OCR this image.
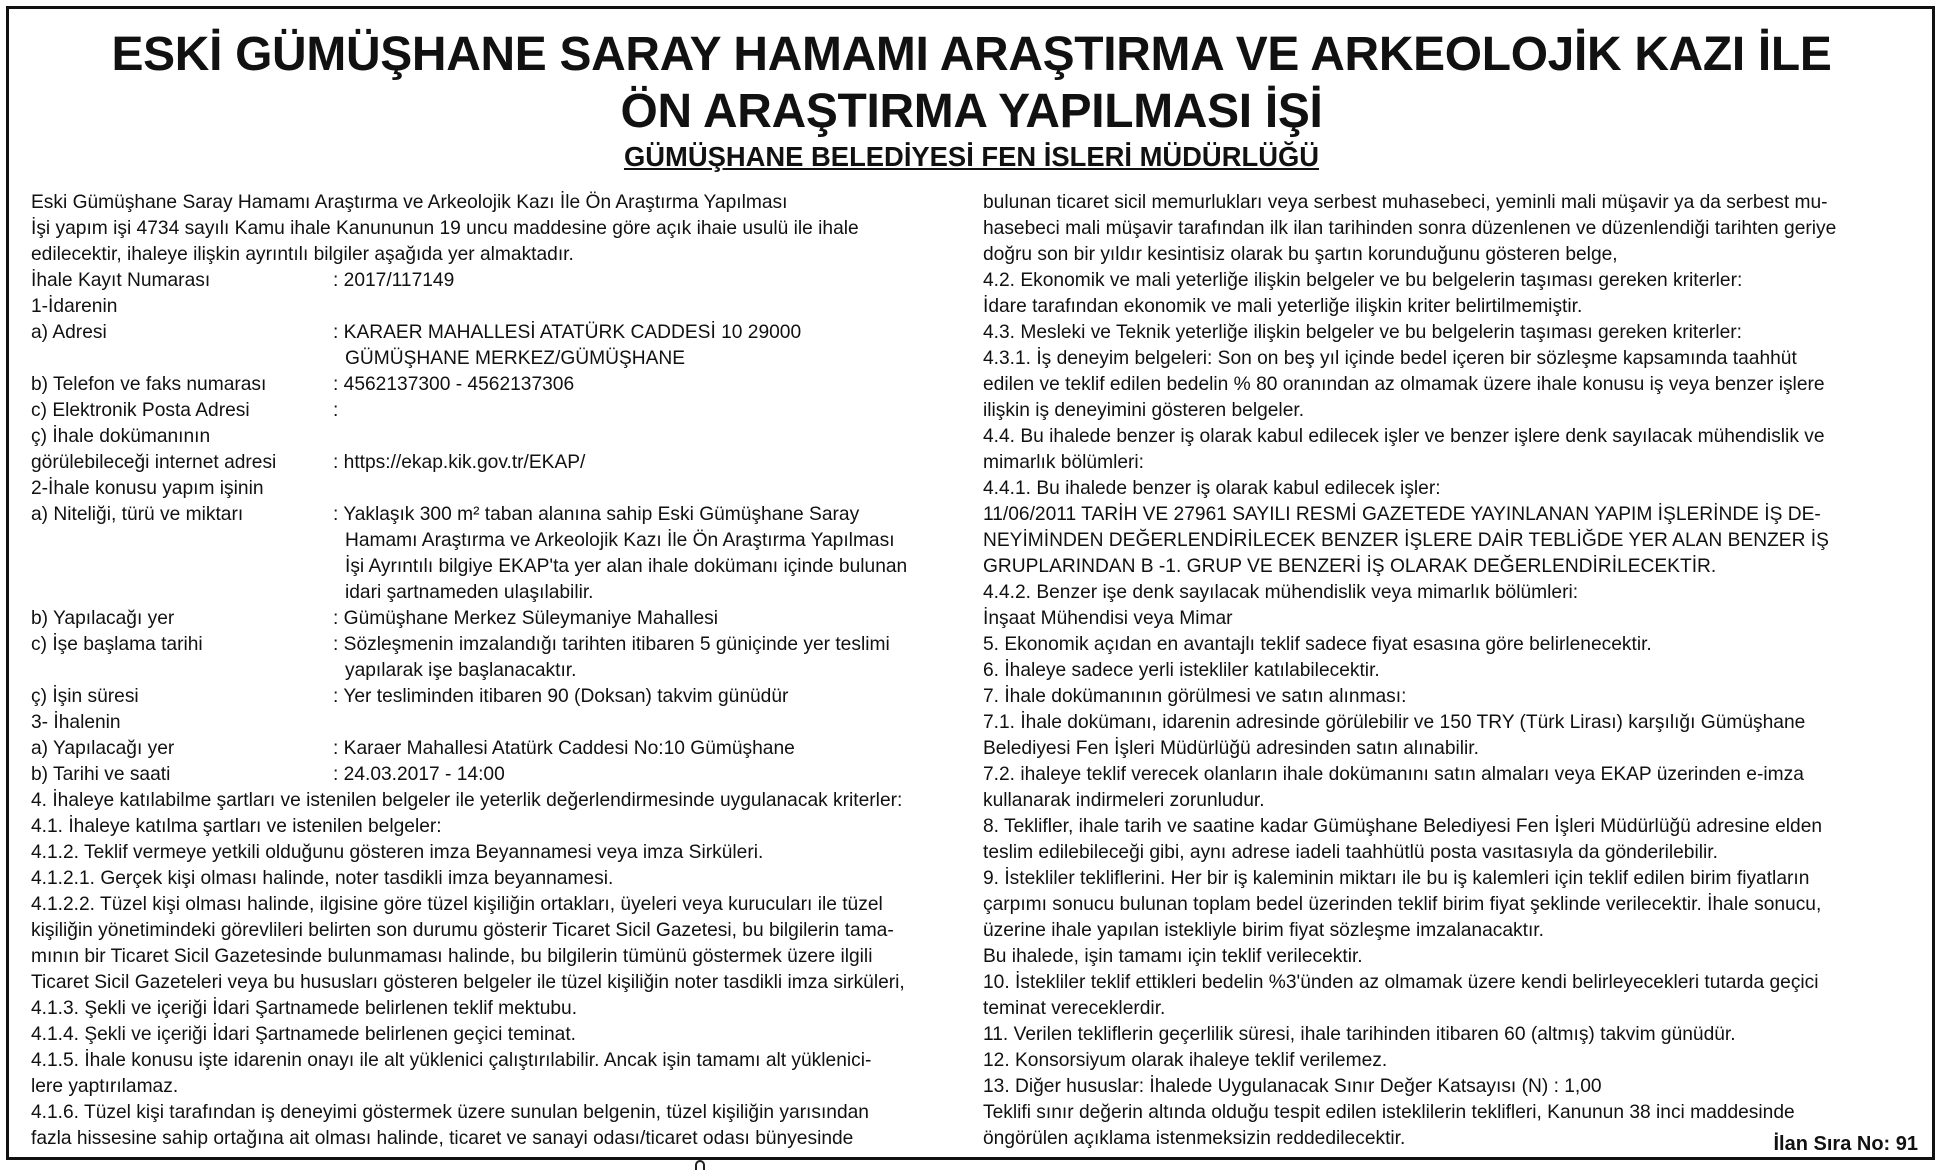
ESKİ GÜMÜŞHANE SARAY HAMAMI ARAŞTIRMA VE ARKEOLOJİK KAZI İLE
ÖN ARAŞTIRMA YAPILMASI İŞİ
GÜMÜŞHANE BELEDİYESİ FEN İSLERİ MÜDÜRLÜĞÜ
Eski Gümüşhane Saray Hamamı Araştırma ve Arkeolojik Kazı İle Ön Araştırma Yapılması
İşi yapım işi 4734 sayılı Kamu ihale Kanununun 19 uncu maddesine göre açık ihaie usulü ile ihale
edilecektir, ihaleye ilişkin ayrıntılı bilgiler aşağıda yer almaktadır.
İhale Kayıt Numarası	: 2017/117149
1-İdarenin
a) Adresi	: KARAER MAHALLESİ ATATÜRK CADDESİ 10 29000
GÜMÜŞHANE MERKEZ/GÜMÜŞHANE
b) Telefon ve faks numarası	: 4562137300 - 4562137306
c) Elektronik Posta Adresi	:
ç) İhale dokümanının
görülebileceği internet adresi	: https://ekap.kik.gov.tr/EKAP/
2-İhale konusu yapım işinin
a) Niteliği, türü ve miktarı	: Yaklaşık 300 m² taban alanına sahip Eski Gümüşhane Saray
Hamamı Araştırma ve Arkeolojik Kazı İle Ön Araştırma Yapılması
İşi Ayrıntılı bilgiye EKAP'ta yer alan ihale dokümanı içinde bulunan
idari şartnameden ulaşılabilir.
b) Yapılacağı yer	: Gümüşhane Merkez Süleymaniye Mahallesi
c) İşe başlama tarihi	: Sözleşmenin imzalandığı tarihten itibaren 5 güniçinde yer teslimi
yapılarak işe başlanacaktır.
ç) İşin süresi	: Yer tesliminden itibaren 90 (Doksan) takvim günüdür
3- İhalenin
a) Yapılacağı yer	: Karaer Mahallesi Atatürk Caddesi No:10 Gümüşhane
b) Tarihi ve saati	: 24.03.2017 - 14:00
4. İhaleye katılabilme şartları ve istenilen belgeler ile yeterlik değerlendirmesinde uygulanacak kriterler:
4.1. İhaleye katılma şartları ve istenilen belgeler:
4.1.2. Teklif vermeye yetkili olduğunu gösteren imza Beyannamesi veya imza Sirküleri.
4.1.2.1. Gerçek kişi olması halinde, noter tasdikli imza beyannamesi.
4.1.2.2. Tüzel kişi olması halinde, ilgisine göre tüzel kişiliğin ortakları, üyeleri veya kurucuları ile tüzel
kişiliğin yönetimindeki görevlileri belirten son durumu gösterir Ticaret Sicil Gazetesi, bu bilgilerin tama-
mının bir Ticaret Sicil Gazetesinde bulunmaması halinde, bu bilgilerin tümünü göstermek üzere ilgili
Ticaret Sicil Gazeteleri veya bu hususları gösteren belgeler ile tüzel kişiliğin noter tasdikli imza sirküleri,
4.1.3. Şekli ve içeriği İdari Şartnamede belirlenen teklif mektubu.
4.1.4. Şekli ve içeriği İdari Şartnamede belirlenen geçici teminat.
4.1.5. İhale konusu işte idarenin onayı ile alt yüklenici çalıştırılabilir. Ancak işin tamamı alt yüklenici-
lere yaptırılamaz.
4.1.6. Tüzel kişi tarafından iş deneyimi göstermek üzere sunulan belgenin, tüzel kişiliğin yarısından
fazla hissesine sahip ortağına ait olması halinde, ticaret ve sanayi odası/ticaret odası bünyesinde
bulunan ticaret sicil memurlukları veya serbest muhasebeci, yeminli mali müşavir ya da serbest mu-
hasebeci mali müşavir tarafından ilk ilan tarihinden sonra düzenlenen ve düzenlendiği tarihten geriye
doğru son bir yıldır kesintisiz olarak bu şartın korunduğunu gösteren belge,
4.2. Ekonomik ve mali yeterliğe ilişkin belgeler ve bu belgelerin taşıması gereken kriterler:
İdare tarafından ekonomik ve mali yeterliğe ilişkin kriter belirtilmemiştir.
4.3. Mesleki ve Teknik yeterliğe ilişkin belgeler ve bu belgelerin taşıması gereken kriterler:
4.3.1. İş deneyim belgeleri: Son on beş yıl içinde bedel içeren bir sözleşme kapsamında taahhüt
edilen ve teklif edilen bedelin % 80 oranından az olmamak üzere ihale konusu iş veya benzer işlere
ilişkin iş deneyimini gösteren belgeler.
4.4. Bu ihalede benzer iş olarak kabul edilecek işler ve benzer işlere denk sayılacak mühendislik ve
mimarlık bölümleri:
4.4.1. Bu ihalede benzer iş olarak kabul edilecek işler:
11/06/2011 TARİH VE 27961 SAYILI RESMİ GAZETEDE YAYINLANAN YAPIM İŞLERİNDE İŞ DE-
NEYİMİNDEN DEĞERLENDİRİLECEK BENZER İŞLERE DAİR TEBLİĞDE YER ALAN BENZER İŞ
GRUPLARINDAN B -1. GRUP VE BENZERİ İŞ OLARAK DEĞERLENDİRİLECEKTİR.
4.4.2. Benzer işe denk sayılacak mühendislik veya mimarlık bölümleri:
İnşaat Mühendisi veya Mimar
5. Ekonomik açıdan en avantajlı teklif sadece fiyat esasına göre belirlenecektir.
6. İhaleye sadece yerli istekliler katılabilecektir.
7. İhale dokümanının görülmesi ve satın alınması:
7.1. İhale dokümanı, idarenin adresinde görülebilir ve 150 TRY (Türk Lirası) karşılığı Gümüşhane
Belediyesi Fen İşleri Müdürlüğü adresinden satın alınabilir.
7.2. ihaleye teklif verecek olanların ihale dokümanını satın almaları veya EKAP üzerinden e-imza
kullanarak indirmeleri zorunludur.
8. Teklifler, ihale tarih ve saatine kadar Gümüşhane Belediyesi Fen İşleri Müdürlüğü adresine elden
teslim edilebileceği gibi, aynı adrese iadeli taahhütlü posta vasıtasıyla da gönderilebilir.
9. İstekliler tekliflerini. Her bir iş kaleminin miktarı ile bu iş kalemleri için teklif edilen birim fiyatların
çarpımı sonucu bulunan toplam bedel üzerinden teklif birim fiyat şeklinde verilecektir. İhale sonucu,
üzerine ihale yapılan istekliyle birim fiyat sözleşme imzalanacaktır.
Bu ihalede, işin tamamı için teklif verilecektir.
10. İstekliler teklif ettikleri bedelin %3'ünden az olmamak üzere kendi belirleyecekleri tutarda geçici
teminat vereceklerdir.
11. Verilen tekliflerin geçerlilik süresi, ihale tarihinden itibaren 60 (altmış) takvim günüdür.
12. Konsorsiyum olarak ihaleye teklif verilemez.
13. Diğer hususlar: İhalede Uygulanacak Sınır Değer Katsayısı (N) : 1,00
Teklifi sınır değerin altında olduğu tespit edilen isteklilerin teklifleri, Kanunun 38 inci maddesinde
öngörülen açıklama istenmeksizin reddedilecektir.	İlan Sıra No: 91
